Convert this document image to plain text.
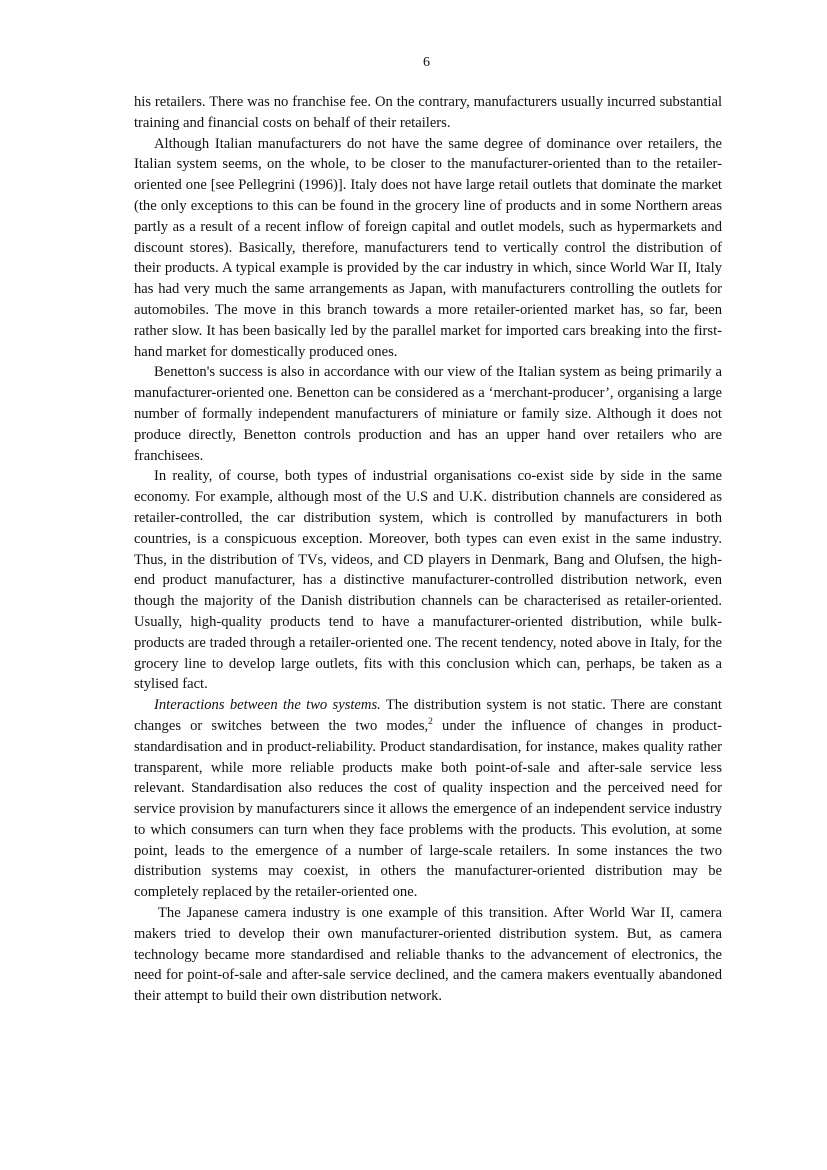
6

his retailers. There was no franchise fee. On the contrary, manufacturers usually incurred substantial training and financial costs on behalf of their retailers.

Although Italian manufacturers do not have the same degree of dominance over retailers, the Italian system seems, on the whole, to be closer to the manufacturer-oriented than to the retailer-oriented one [see Pellegrini (1996)]. Italy does not have large retail outlets that dominate the market (the only exceptions to this can be found in the grocery line of products and in some Northern areas partly as a result of a recent inflow of foreign capital and outlet models, such as hypermarkets and discount stores). Basically, therefore, manufacturers tend to vertically control the distribution of their products. A typical example is provided by the car industry in which, since World War II, Italy has had very much the same arrangements as Japan, with manufacturers controlling the outlets for automobiles. The move in this branch towards a more retailer-oriented market has, so far, been rather slow. It has been basically led by the parallel market for imported cars breaking into the first-hand market for domestically produced ones.

Benetton's success is also in accordance with our view of the Italian system as being primarily a manufacturer-oriented one. Benetton can be considered as a ‘merchant-producer’, organising a large number of formally independent manufacturers of miniature or family size. Although it does not produce directly, Benetton controls production and has an upper hand over retailers who are franchisees.

In reality, of course, both types of industrial organisations co-exist side by side in the same economy. For example, although most of the U.S and U.K. distribution channels are considered as retailer-controlled, the car distribution system, which is controlled by manufacturers in both countries, is a conspicuous exception. Moreover, both types can even exist in the same industry. Thus, in the distribution of TVs, videos, and CD players in Denmark, Bang and Olufsen, the high-end product manufacturer, has a distinctive manufacturer-controlled distribution network, even though the majority of the Danish distribution channels can be characterised as retailer-oriented. Usually, high-quality products tend to have a manufacturer-oriented distribution, while bulk-products are traded through a retailer-oriented one. The recent tendency, noted above in Italy, for the grocery line to develop large outlets, fits with this conclusion which can, perhaps, be taken as a stylised fact.

Interactions between the two systems. The distribution system is not static. There are constant changes or switches between the two modes,$^2$ under the influence of changes in product-standardisation and in product-reliability. Product standardisation, for instance, makes quality rather transparent, while more reliable products make both point-of-sale and after-sale service less relevant. Standardisation also reduces the cost of quality inspection and the perceived need for service provision by manufacturers since it allows the emergence of an independent service industry to which consumers can turn when they face problems with the products. This evolution, at some point, leads to the emergence of a number of large-scale retailers. In some instances the two distribution systems may coexist, in others the manufacturer-oriented distribution may be completely replaced by the retailer-oriented one.

The Japanese camera industry is one example of this transition. After World War II, camera makers tried to develop their own manufacturer-oriented distribution system. But, as camera technology became more standardised and reliable thanks to the advancement of electronics, the need for point-of-sale and after-sale service declined, and the camera makers eventually abandoned their attempt to build their own distribution network.
